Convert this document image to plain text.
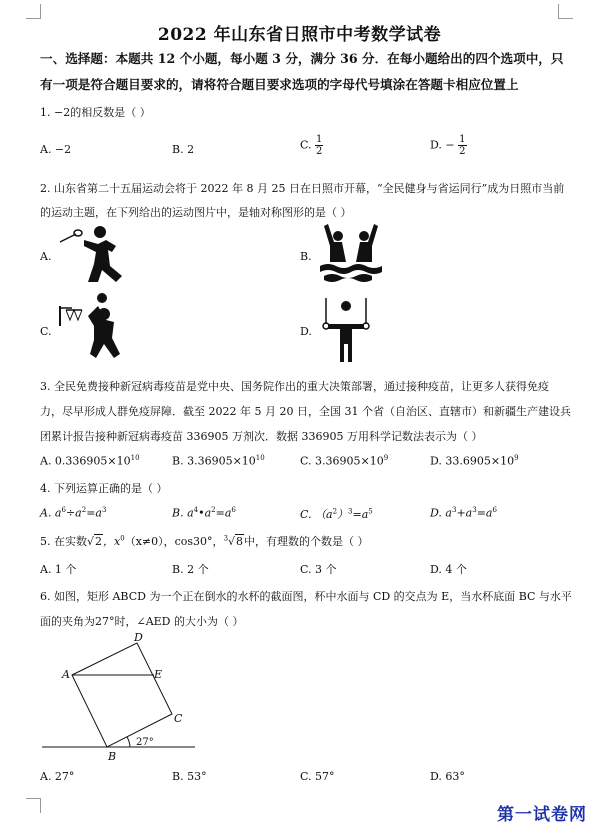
2022 年山东省日照市中考数学试卷
一、选择题：本题共 12 个小题，每小题 3 分，满分 36 分．在每小题给出的四个选项中，只
有一项是符合题目要求的，请将符合题目要求选项的字母代号填涂在答题卡相应位置上
1. −2的相反数是（ ）
A. −2	B. 2	C. $\frac{1}{2}$	D. − $\frac{1}{2}$
2. 山东省第二十五届运动会将于 2022 年 8 月 25 日在日照市开幕，“全民健身与省运同行”成为日照市当前
的运动主题，在下列给出的运动图片中，是轴对称图形的是（ ）
A.	B.
C.	D.
3. 全民免费接种新冠病毒疫苗是党中央、国务院作出的重大决策部署，通过接种疫苗，让更多人获得免疫
力，尽早形成人群免疫屏障．截至 2022 年 5 月 20 日，全国 31 个省（自治区、直辖市）和新疆生产建设兵
团累计报告接种新冠病毒疫苗 336905 万剂次．数据 336905 万用科学记数法表示为（ ）
A. $0.336905\times 10^{10}$	B. $3.36905\times 10^{10}$	C. $3.36905\times 10^9$	D. $33.6905\times 10^9$
4. 下列运算正确的是（ ）
A. $a^6\div a^2=a^3$	B. $a^4•a^2=a^6$	C. $(a^2)^3=a^5$	D. $a^3+a^3=a^6$
5. 在实数√2，$x^0(x\ne 0)$，cos30°，$^3$√8中，有理数的个数是（ ）
A. 1 个	B. 2 个	C. 3 个	D. 4 个
6. 如图，矩形 ABCD 为一个正在倒水的水杯的截面图，杯中水面与 CD 的交点为 E，当水杯底面 BC 与水平
面的夹角为27°时，∠AED 的大小为（ ）
A
D
E
C
B
27°
A. 27°	B. 53°	C. 57°	D. 63°
第一试卷网
